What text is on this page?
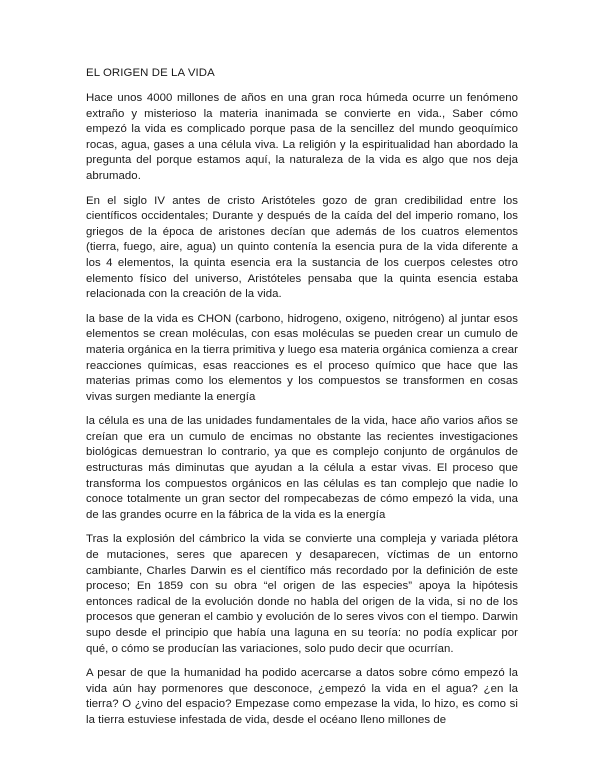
EL ORIGEN DE LA VIDA

Hace unos 4000 millones de años en una gran roca húmeda ocurre un fenómeno extraño y misterioso la materia inanimada se convierte en vida., Saber cómo empezó la vida es complicado porque pasa de la sencillez del mundo geoquímico rocas, agua, gases a una célula viva. La religión y la espiritualidad han abordado la pregunta del porque estamos aquí, la naturaleza de la vida es algo que nos deja abrumado.

En el siglo IV antes de cristo Aristóteles gozo de gran credibilidad entre los científicos occidentales; Durante y después de la caída del del imperio romano, los griegos de la época de aristones decían que además de los cuatros elementos (tierra, fuego, aire, agua) un quinto contenía la esencia pura de la vida diferente a los 4 elementos, la quinta esencia era la sustancia de los cuerpos celestes otro elemento físico del universo, Aristóteles pensaba que la quinta esencia estaba relacionada con la creación de la vida.

la base de la vida es CHON (carbono, hidrogeno, oxigeno, nitrógeno) al juntar esos elementos se crean moléculas, con esas moléculas se pueden crear un cumulo de materia orgánica en la tierra primitiva y luego esa materia orgánica comienza a crear reacciones químicas, esas reacciones es el proceso químico que hace que las materias primas como los elementos y los compuestos se transformen en cosas vivas surgen mediante la energía

la célula es una de las unidades fundamentales de la vida, hace año varios años se creían que era un cumulo de encimas no obstante las recientes investigaciones biológicas demuestran lo contrario, ya que es complejo conjunto de orgánulos de estructuras más diminutas que ayudan a la célula a estar vivas. El proceso que transforma los compuestos orgánicos en las células es tan complejo que nadie lo conoce totalmente un gran sector del rompecabezas de cómo empezó la vida, una de las grandes ocurre en la fábrica de la vida es la energía

Tras la explosión del cámbrico la vida se convierte una compleja y variada plétora de mutaciones, seres que aparecen y desaparecen, víctimas de un entorno cambiante, Charles Darwin es el científico más recordado por la definición de este proceso; En 1859 con su obra “el origen de las especies” apoya la hipótesis entonces radical de la evolución donde no habla del origen de la vida, si no de los procesos que generan el cambio y evolución de lo seres vivos con el tiempo. Darwin supo desde el principio que había una laguna en su teoría: no podía explicar por qué, o cómo se producían las variaciones, solo pudo decir que ocurrían.

A pesar de que la humanidad ha podido acercarse a datos sobre cómo empezó la vida aún hay pormenores que desconoce, ¿empezó la vida en el agua? ¿en la tierra? O ¿vino del espacio? Empezase como empezase la vida, lo hizo, es como si la tierra estuviese infestada de vida, desde el océano lleno millones de
